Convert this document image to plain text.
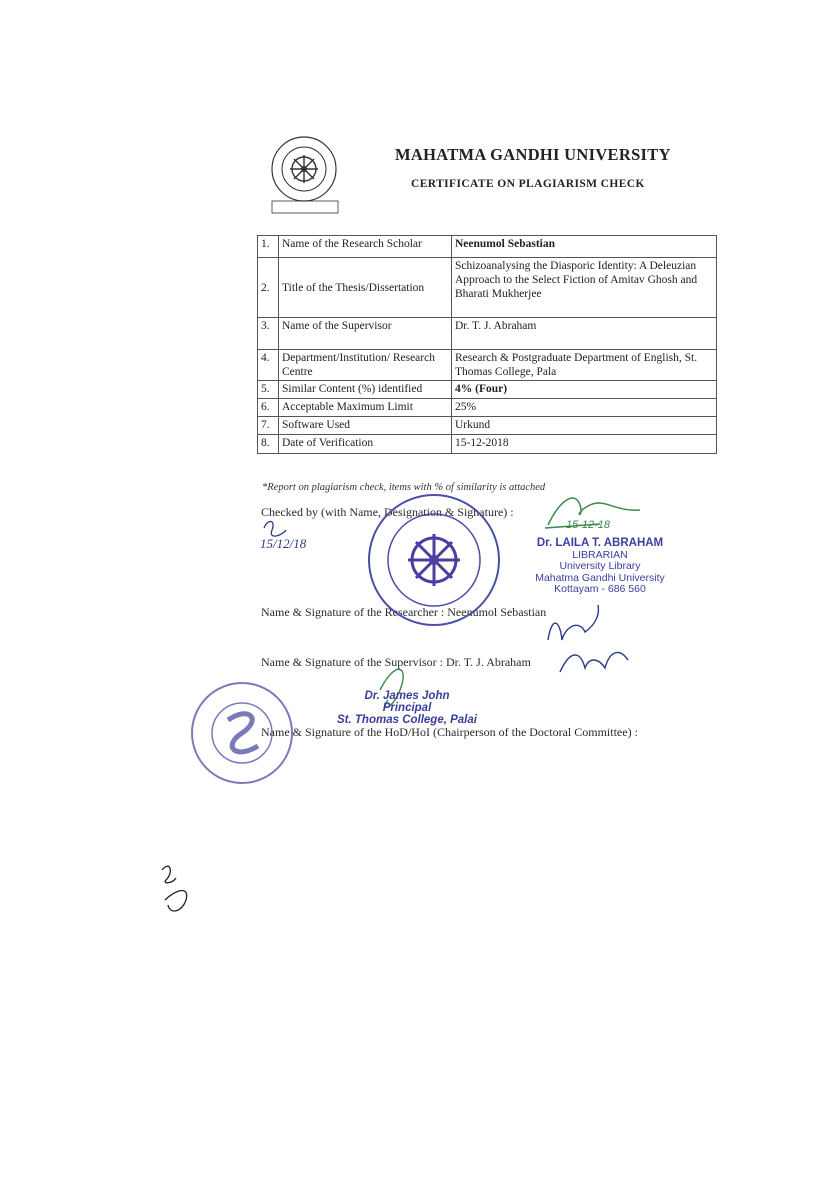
MAHATMA GANDHI UNIVERSITY
CERTIFICATE ON PLAGIARISM CHECK
1.	Name of the Research Scholar	Neenumol Sebastian
2.	Title of the Thesis/Dissertation	Schizoanalysing the Diasporic Identity: A Deleuzian Approach to the Select Fiction of Amitav Ghosh and Bharati Mukherjee
3.	Name of the Supervisor	Dr. T. J. Abraham
4.	Department/Institution/ Research Centre	Research & Postgraduate Department of English, St. Thomas College, Pala
5.	Similar Content (%) identified	4% (Four)
6.	Acceptable Maximum Limit	25%
7.	Software Used	Urkund
8.	Date of Verification	15-12-2018
*Report on plagiarism check, items with % of similarity is attached
Checked by (with Name, Designation & Signature) :
Name & Signature of the Researcher : Neenumol Sebastian
Name & Signature of the Supervisor : Dr. T. J. Abraham
Name & Signature of the HoD/HoI (Chairperson of the Doctoral Committee) :
15-12-18
15/12/18	Dr. LAILA T. ABRAHAM
LIBRARIAN
University Library
Mahatma Gandhi University
Kottayam - 686 560
Dr. James John
Principal
St. Thomas College, Palai
